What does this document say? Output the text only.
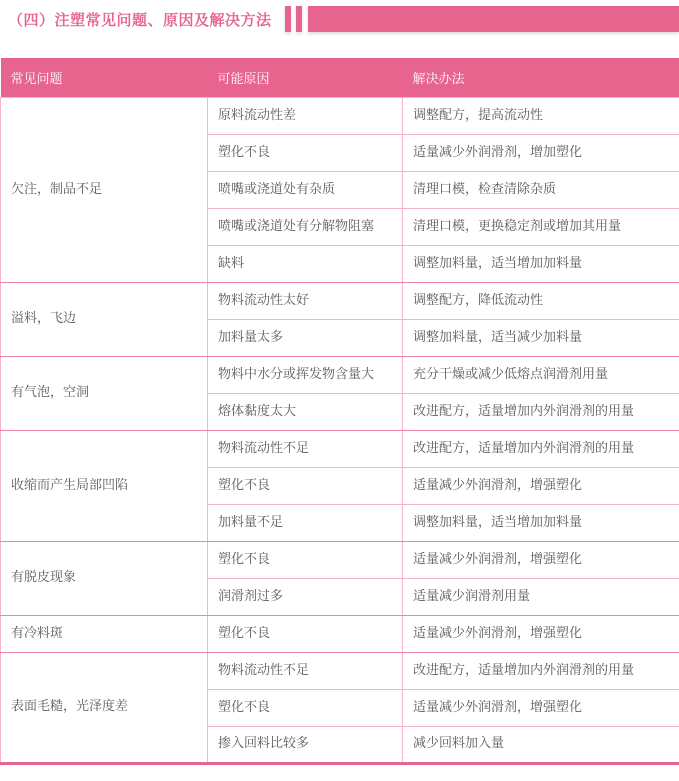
（四）注塑常见问题、原因及解决方法
常见问题	可能原因	解决办法
欠注，制品不足	原料流动性差	调整配方，提高流动性
	塑化不良	适量减少外润滑剂，增加塑化
	喷嘴或浇道处有杂质	清理口模，检查清除杂质
	喷嘴或浇道处有分解物阻塞	清理口模，更换稳定剂或增加其用量
	缺料	调整加料量，适当增加加料量
溢料，飞边	物料流动性太好	调整配方，降低流动性
	加料量太多	调整加料量，适当减少加料量
有气泡，空洞	物料中水分或挥发物含量大	充分干燥或减少低熔点润滑剂用量
	熔体黏度太大	改进配方，适量增加内外润滑剂的用量
收缩而产生局部凹陷	物料流动性不足	改进配方，适量增加内外润滑剂的用量
	塑化不良	适量减少外润滑剂，增强塑化
	加料量不足	调整加料量，适当增加加料量
有脱皮现象	塑化不良	适量减少外润滑剂，增强塑化
	润滑剂过多	适量减少润滑剂用量
有冷料斑	塑化不良	适量减少外润滑剂，增强塑化
表面毛糙，光泽度差	物料流动性不足	改进配方，适量增加内外润滑剂的用量
	塑化不良	适量减少外润滑剂，增强塑化
	掺入回料比较多	减少回料加入量
